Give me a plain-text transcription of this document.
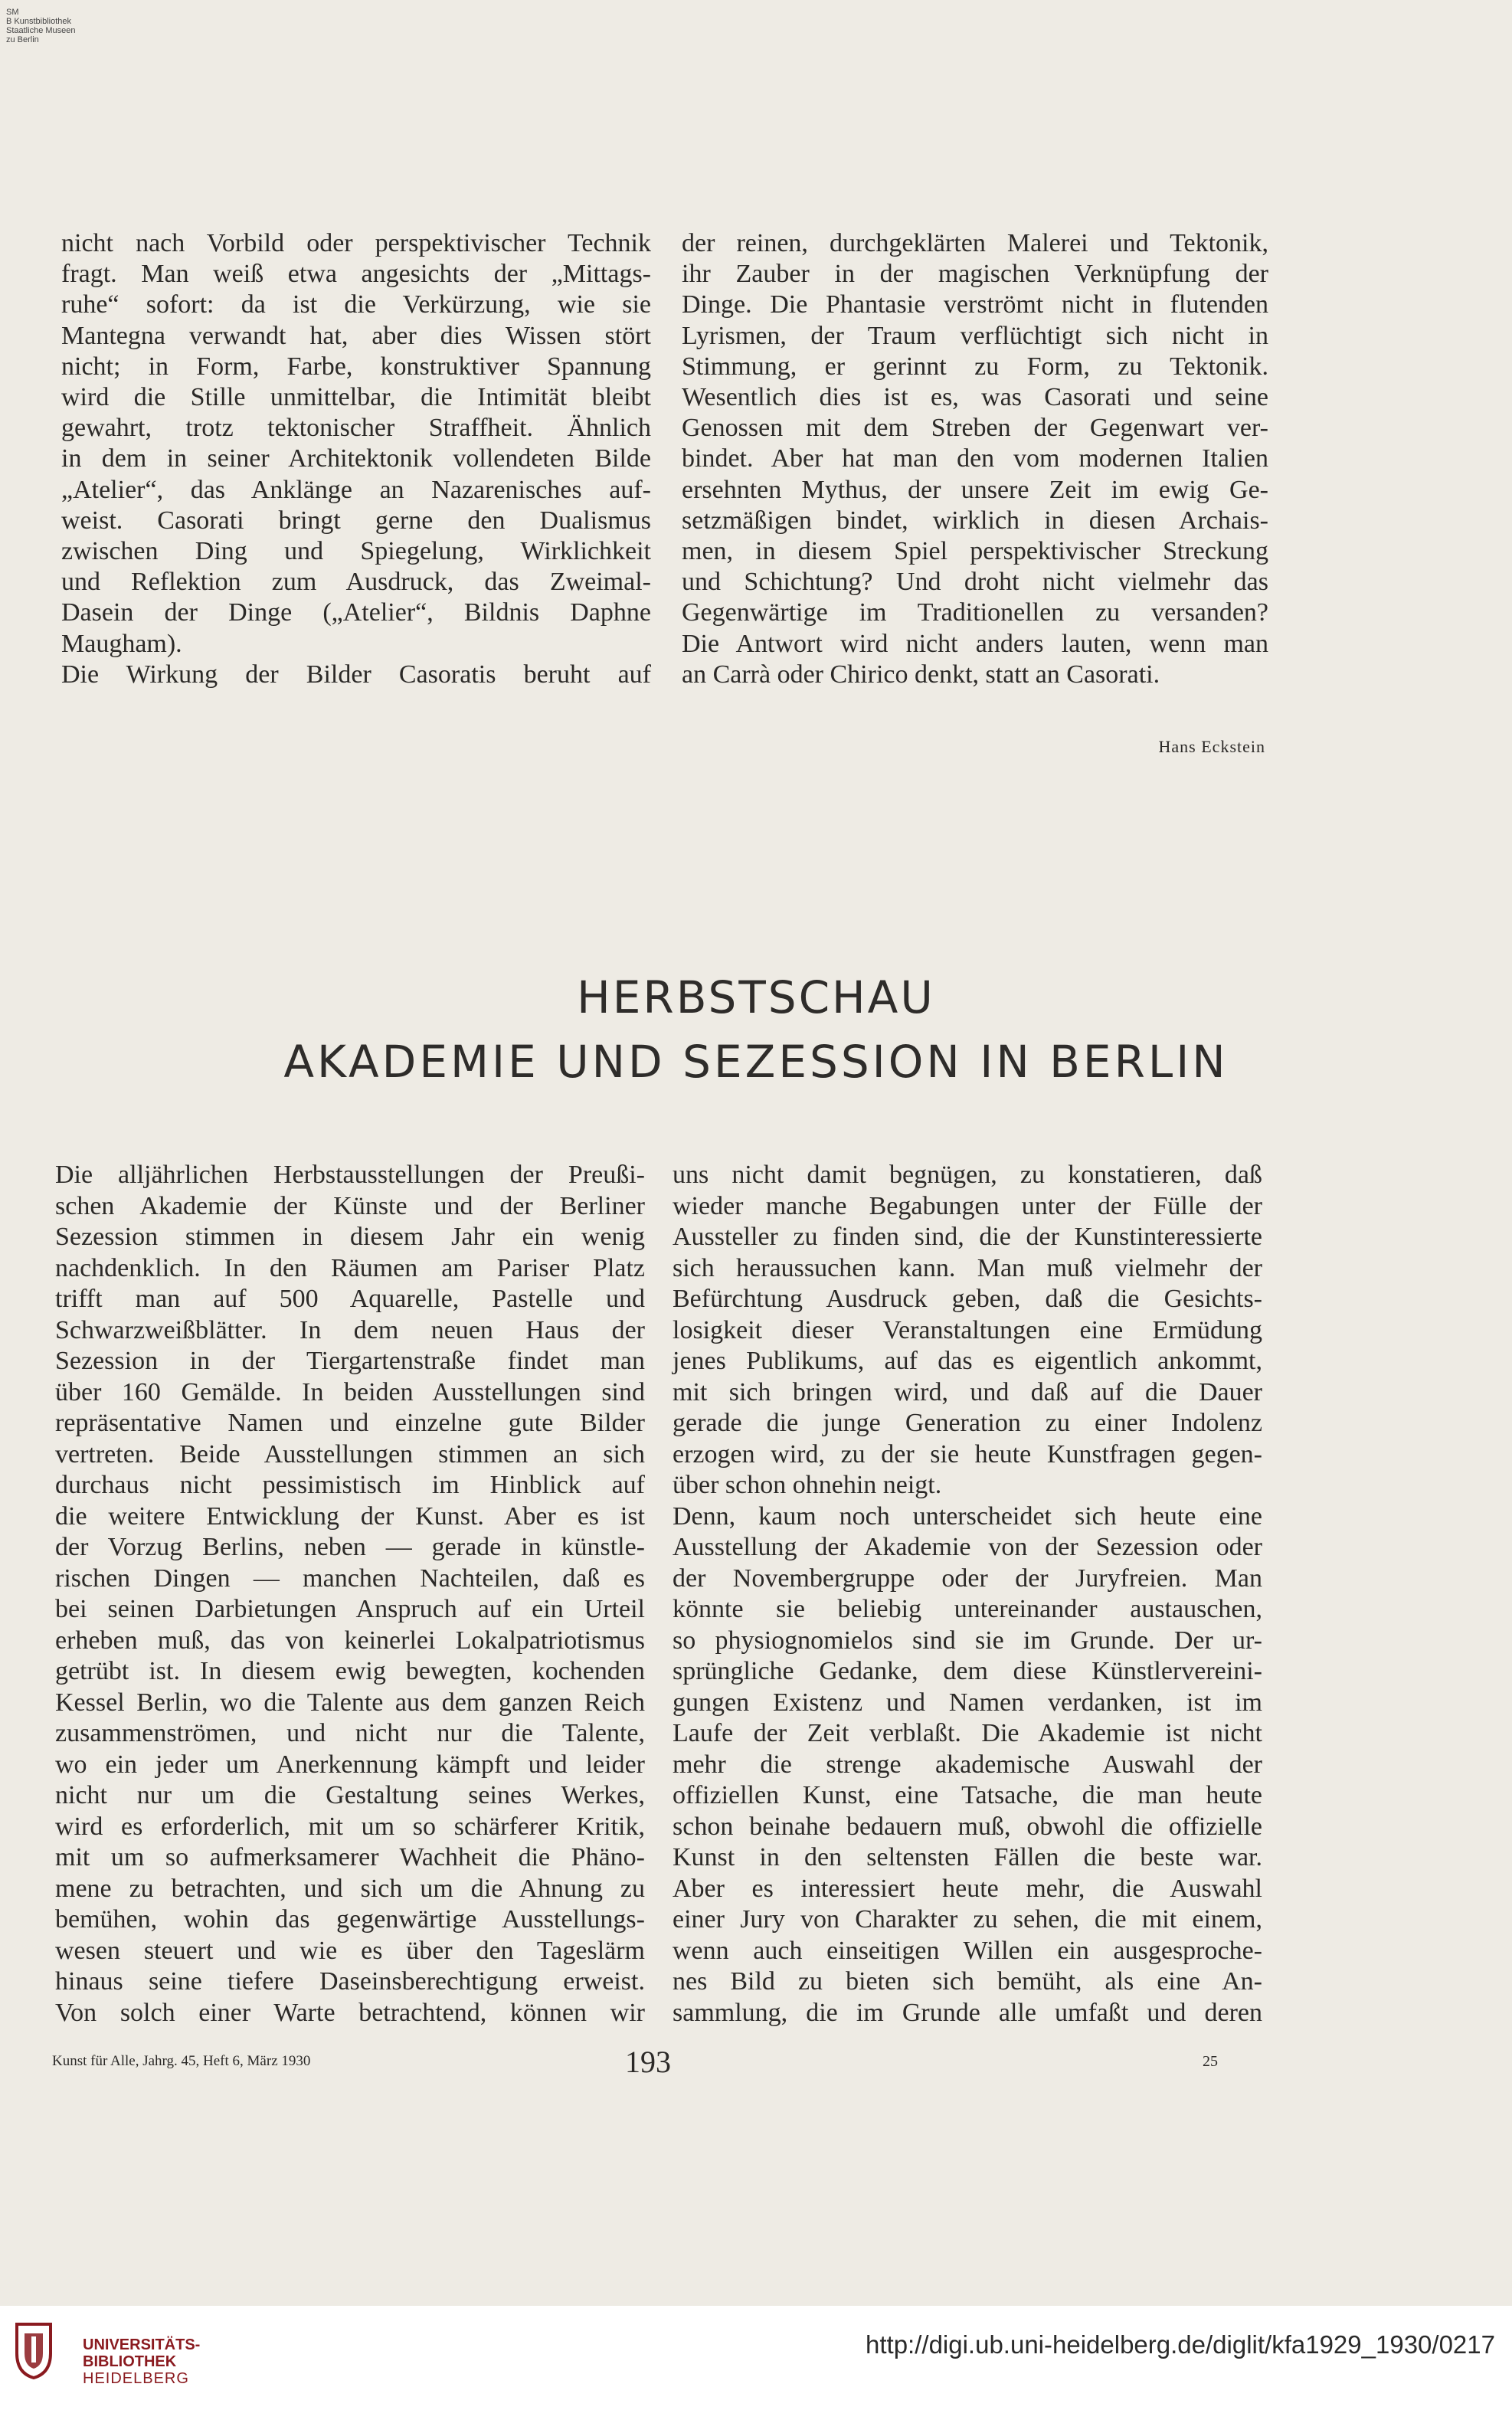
SM
B Kunstbibliothek
Staatliche Museen
zu Berlin

nicht nach Vorbild oder perspektivischer Technik

fragt. Man weiß etwa angesichts der „Mittags-

ruhe“ sofort: da ist die Verkürzung, wie sie

Mantegna verwandt hat, aber dies Wissen stört

nicht; in Form, Farbe, konstruktiver Spannung

wird die Stille unmittelbar, die Intimität bleibt

gewahrt, trotz tektonischer Straffheit. Ähnlich

in dem in seiner Architektonik vollendeten Bilde

„Atelier“, das Anklänge an Nazarenisches auf-

weist. Casorati bringt gerne den Dualismus

zwischen Ding und Spiegelung, Wirklichkeit

und Reflektion zum Ausdruck, das Zweimal-

Dasein der Dinge („Atelier“, Bildnis Daphne

Maugham).

Die Wirkung der Bilder Casoratis beruht auf

der reinen, durchgeklärten Malerei und Tektonik,

ihr Zauber in der magischen Verknüpfung der

Dinge. Die Phantasie verströmt nicht in flutenden

Lyrismen, der Traum verflüchtigt sich nicht in

Stimmung, er gerinnt zu Form, zu Tektonik.

Wesentlich dies ist es, was Casorati und seine

Genossen mit dem Streben der Gegenwart ver-

bindet. Aber hat man den vom modernen Italien

ersehnten Mythus, der unsere Zeit im ewig Ge-

setzmäßigen bindet, wirklich in diesen Archais-

men, in diesem Spiel perspektivischer Streckung

und Schichtung? Und droht nicht vielmehr das

Gegenwärtige im Traditionellen zu versanden?

Die Antwort wird nicht anders lauten, wenn man

an Carrà oder Chirico denkt, statt an Casorati.

Hans Eckstein
HERBSTSCHAU
AKADEMIE UND SEZESSION IN BERLIN

Die alljährlichen Herbstausstellungen der Preußi-

schen Akademie der Künste und der Berliner

Sezession stimmen in diesem Jahr ein wenig

nachdenklich. In den Räumen am Pariser Platz

trifft man auf 500 Aquarelle, Pastelle und

Schwarzweißblätter. In dem neuen Haus der

Sezession in der Tiergartenstraße findet man

über 160 Gemälde. In beiden Ausstellungen sind

repräsentative Namen und einzelne gute Bilder

vertreten. Beide Ausstellungen stimmen an sich

durchaus nicht pessimistisch im Hinblick auf

die weitere Entwicklung der Kunst. Aber es ist

der Vorzug Berlins, neben — gerade in künstle-

rischen Dingen — manchen Nachteilen, daß es

bei seinen Darbietungen Anspruch auf ein Urteil

erheben muß, das von keinerlei Lokalpatriotismus

getrübt ist. In diesem ewig bewegten, kochenden

Kessel Berlin, wo die Talente aus dem ganzen Reich

zusammenströmen, und nicht nur die Talente,

wo ein jeder um Anerkennung kämpft und leider

nicht nur um die Gestaltung seines Werkes,

wird es erforderlich, mit um so schärferer Kritik,

mit um so aufmerksamerer Wachheit die Phäno-

mene zu betrachten, und sich um die Ahnung zu

bemühen, wohin das gegenwärtige Ausstellungs-

wesen steuert und wie es über den Tageslärm

hinaus seine tiefere Daseinsberechtigung erweist.

Von solch einer Warte betrachtend, können wir

uns nicht damit begnügen, zu konstatieren, daß

wieder manche Begabungen unter der Fülle der

Aussteller zu finden sind, die der Kunstinteressierte

sich heraussuchen kann. Man muß vielmehr der

Befürchtung Ausdruck geben, daß die Gesichts-

losigkeit dieser Veranstaltungen eine Ermüdung

jenes Publikums, auf das es eigentlich ankommt,

mit sich bringen wird, und daß auf die Dauer

gerade die junge Generation zu einer Indolenz

erzogen wird, zu der sie heute Kunstfragen gegen-

über schon ohnehin neigt.

Denn, kaum noch unterscheidet sich heute eine

Ausstellung der Akademie von der Sezession oder

der Novembergruppe oder der Juryfreien. Man

könnte sie beliebig untereinander austauschen,

so physiognomielos sind sie im Grunde. Der ur-

sprüngliche Gedanke, dem diese Künstlervereini-

gungen Existenz und Namen verdanken, ist im

Laufe der Zeit verblaßt. Die Akademie ist nicht

mehr die strenge akademische Auswahl der

offiziellen Kunst, eine Tatsache, die man heute

schon beinahe bedauern muß, obwohl die offizielle

Kunst in den seltensten Fällen die beste war.

Aber es interessiert heute mehr, die Auswahl

einer Jury von Charakter zu sehen, die mit einem,

wenn auch einseitigen Willen ein ausgesproche-

nes Bild zu bieten sich bemüht, als eine An-

sammlung, die im Grunde alle umfaßt und deren

Kunst für Alle, Jahrg. 45, Heft 6, März 1930	193	25
UNIVERSITÄTS-
BIBLIOTHEK
HEIDELBERG
http://digi.ub.uni-heidelberg.de/diglit/kfa1929_1930/0217
